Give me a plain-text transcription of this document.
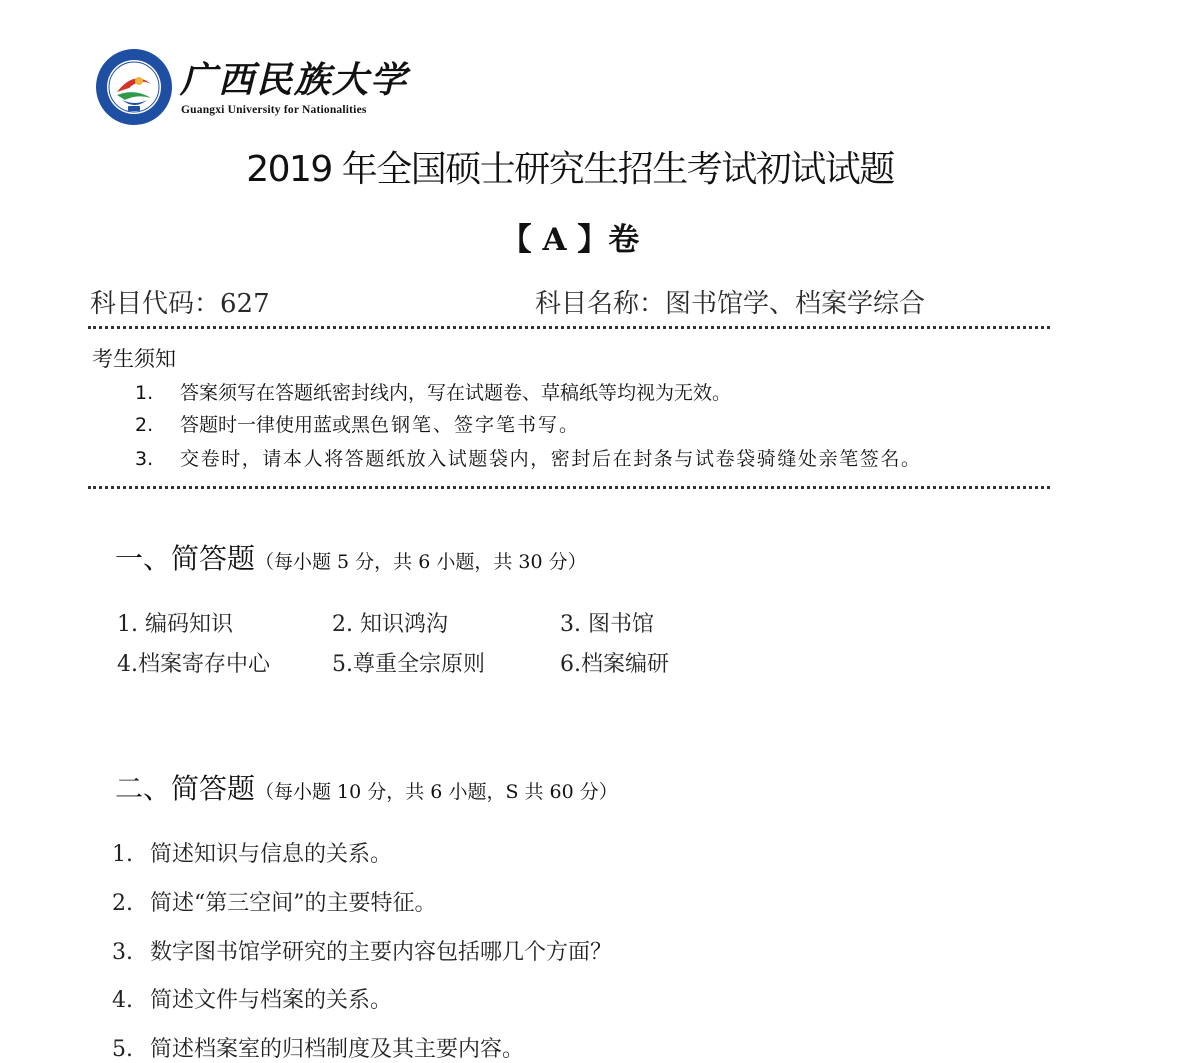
广西民族大学
Guangxi University for Nationalities
2019 年全国硕士研究生招生考试初试试题
【 A 】卷
科目代码：627	科目名称：图书馆学、档案学综合
考生须知
1. 答案须写在答题纸密封线内，写在试题卷、草稿纸等均视为无效。
2. 答题时一律使用蓝或黑色钢笔、签字笔书写。
3. 交卷时，请本人将答题纸放入试题袋内，密封后在封条与试卷袋骑缝处亲笔签名。
一、简答题（每小题 5 分，共 6 小题，共 30 分）
1. 编码知识	2. 知识鸿沟	3. 图书馆
4.档案寄存中心	5.尊重全宗原则	6.档案编研
二、简答题（每小题 10 分，共 6 小题，S 共 60 分）
1. 简述知识与信息的关系。
2. 简述“第三空间”的主要特征。
3. 数字图书馆学研究的主要内容包括哪几个方面？
4. 简述文件与档案的关系。
5. 简述档案室的归档制度及其主要内容。
